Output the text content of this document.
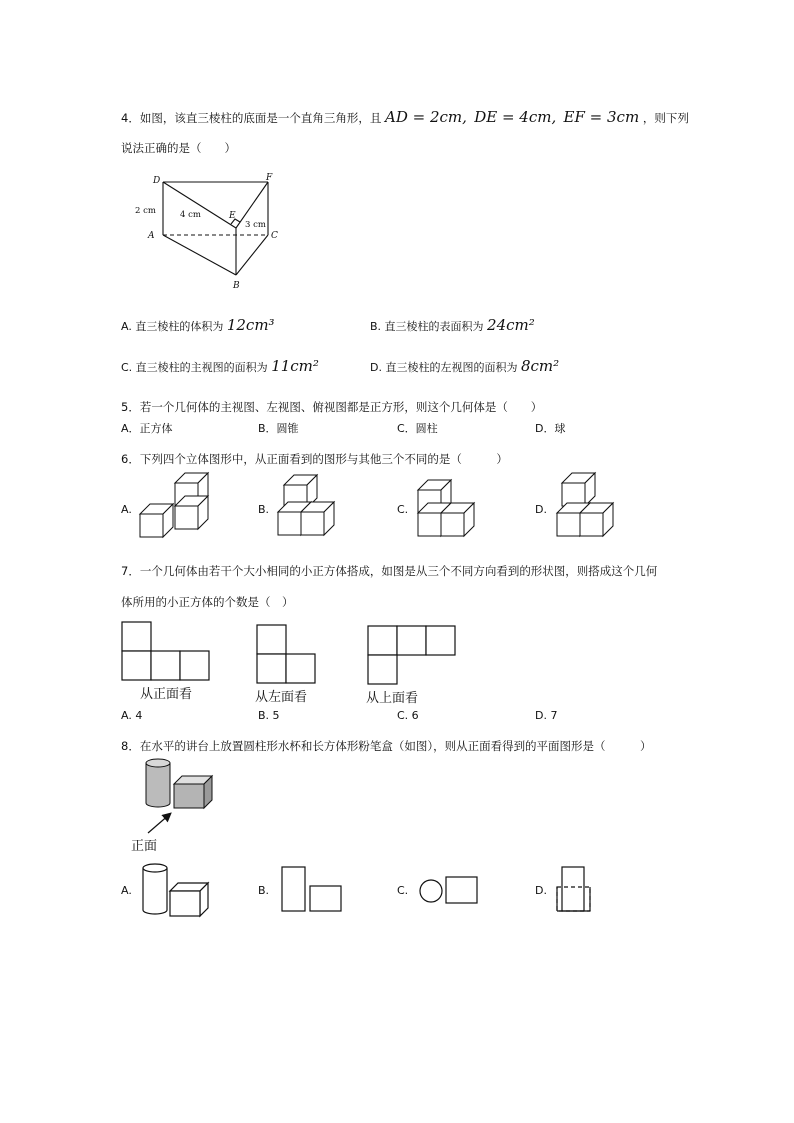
4．如图，该直三棱柱的底面是一个直角三角形，且 AD = 2cm, DE = 4cm, EF = 3cm ，则下列
说法正确的是（　　）
D	F
E
A	C
B
2 cm	4 cm
3 cm
A. 直三棱柱的体积为 12cm³	B. 直三棱柱的表面积为 24cm²
C. 直三棱柱的主视图的面积为 11cm²	D. 直三棱柱的左视图的面积为 8cm²
5．若一个几何体的主视图、左视图、俯视图都是正方形，则这个几何体是（　　）
A．正方体	B．圆锥	C．圆柱	D．球
6．下列四个立体图形中，从正面看到的图形与其他三个不同的是（　　　）
A.	B.	C.	D.
7．一个几何体由若干个大小相同的小正方体搭成，如图是从三个不同方向看到的形状图，则搭成这个几何
体所用的小正方体的个数是（　）
从正面看	从左面看	从上面看
A. 4	B. 5	C. 6	D. 7
8．在水平的讲台上放置圆柱形水杯和长方体形粉笔盒（如图），则从正面看得到的平面图形是（　　　）
正面
A.	B.	C.	D.
